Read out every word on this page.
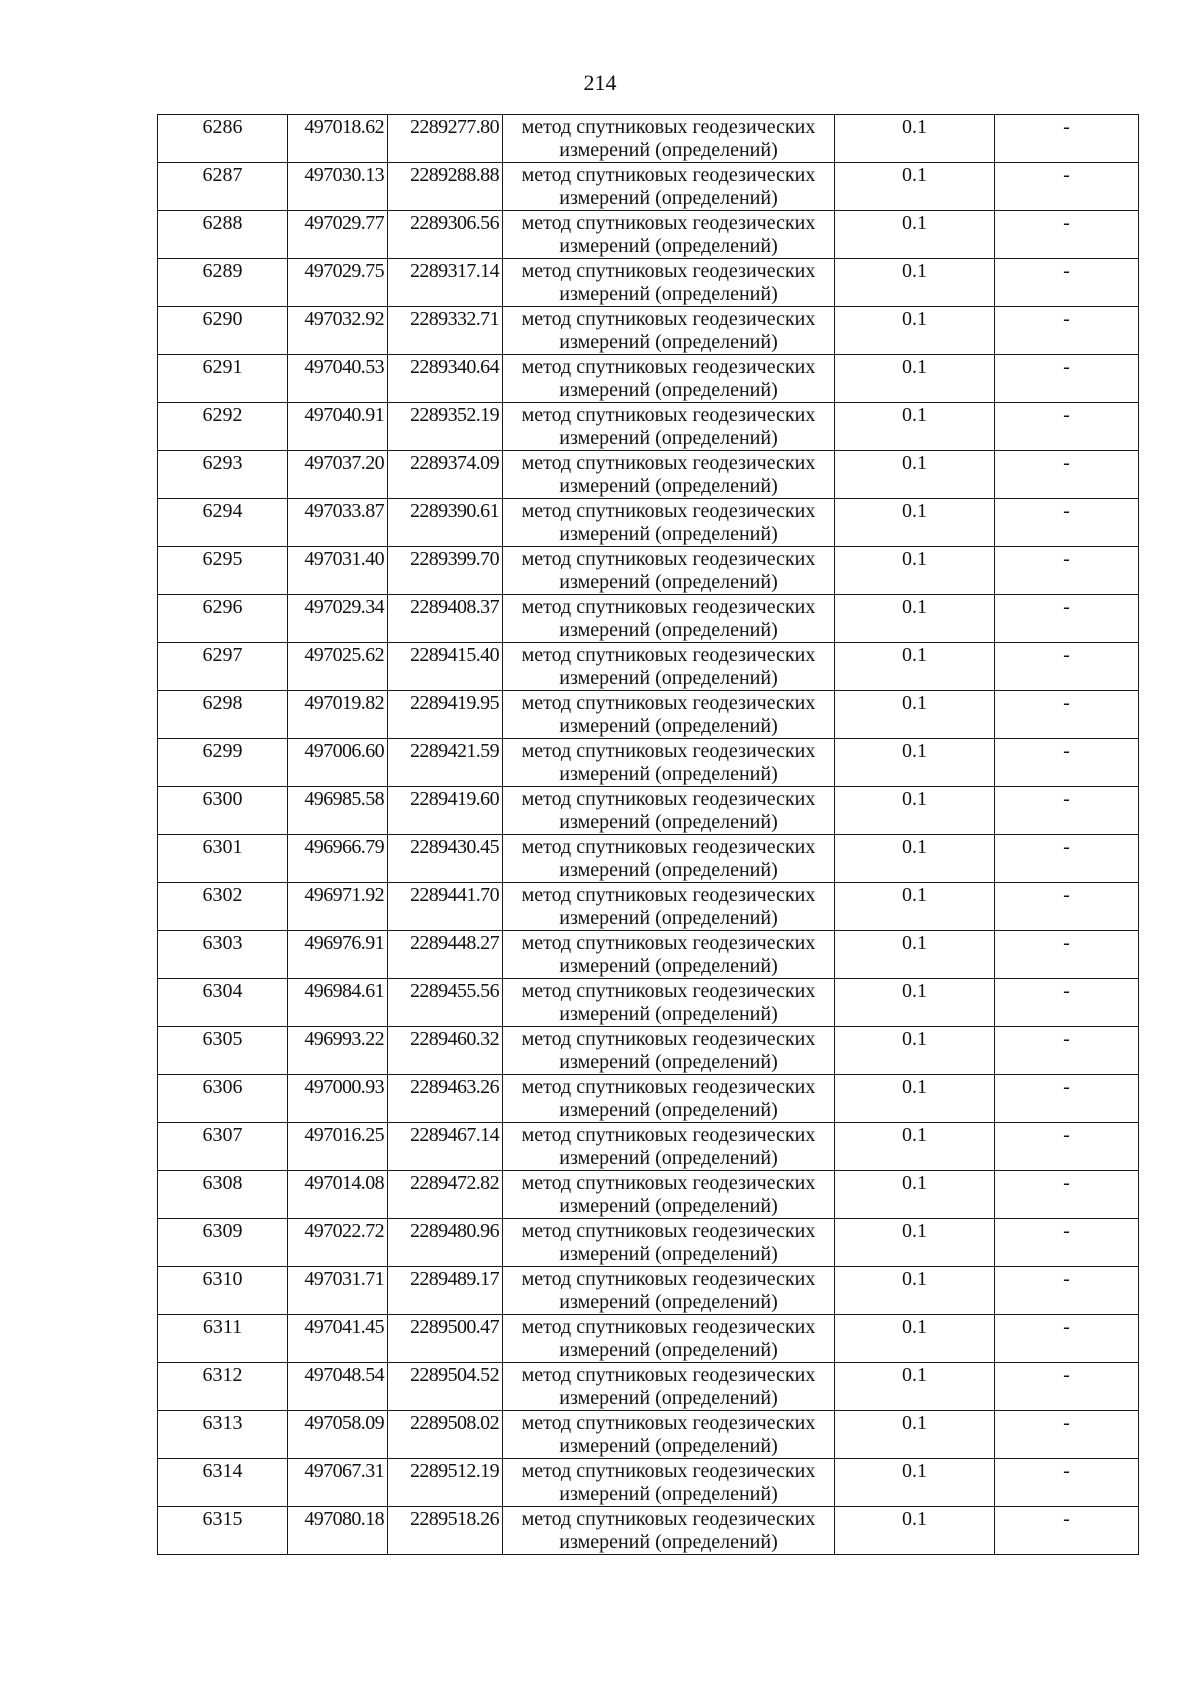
214
6286	497018.62	2289277.80	метод спутниковых геодезических измерений (определений)	0.1	-
6287	497030.13	2289288.88	метод спутниковых геодезических измерений (определений)	0.1	-
6288	497029.77	2289306.56	метод спутниковых геодезических измерений (определений)	0.1	-
6289	497029.75	2289317.14	метод спутниковых геодезических измерений (определений)	0.1	-
6290	497032.92	2289332.71	метод спутниковых геодезических измерений (определений)	0.1	-
6291	497040.53	2289340.64	метод спутниковых геодезических измерений (определений)	0.1	-
6292	497040.91	2289352.19	метод спутниковых геодезических измерений (определений)	0.1	-
6293	497037.20	2289374.09	метод спутниковых геодезических измерений (определений)	0.1	-
6294	497033.87	2289390.61	метод спутниковых геодезических измерений (определений)	0.1	-
6295	497031.40	2289399.70	метод спутниковых геодезических измерений (определений)	0.1	-
6296	497029.34	2289408.37	метод спутниковых геодезических измерений (определений)	0.1	-
6297	497025.62	2289415.40	метод спутниковых геодезических измерений (определений)	0.1	-
6298	497019.82	2289419.95	метод спутниковых геодезических измерений (определений)	0.1	-
6299	497006.60	2289421.59	метод спутниковых геодезических измерений (определений)	0.1	-
6300	496985.58	2289419.60	метод спутниковых геодезических измерений (определений)	0.1	-
6301	496966.79	2289430.45	метод спутниковых геодезических измерений (определений)	0.1	-
6302	496971.92	2289441.70	метод спутниковых геодезических измерений (определений)	0.1	-
6303	496976.91	2289448.27	метод спутниковых геодезических измерений (определений)	0.1	-
6304	496984.61	2289455.56	метод спутниковых геодезических измерений (определений)	0.1	-
6305	496993.22	2289460.32	метод спутниковых геодезических измерений (определений)	0.1	-
6306	497000.93	2289463.26	метод спутниковых геодезических измерений (определений)	0.1	-
6307	497016.25	2289467.14	метод спутниковых геодезических измерений (определений)	0.1	-
6308	497014.08	2289472.82	метод спутниковых геодезических измерений (определений)	0.1	-
6309	497022.72	2289480.96	метод спутниковых геодезических измерений (определений)	0.1	-
6310	497031.71	2289489.17	метод спутниковых геодезических измерений (определений)	0.1	-
6311	497041.45	2289500.47	метод спутниковых геодезических измерений (определений)	0.1	-
6312	497048.54	2289504.52	метод спутниковых геодезических измерений (определений)	0.1	-
6313	497058.09	2289508.02	метод спутниковых геодезических измерений (определений)	0.1	-
6314	497067.31	2289512.19	метод спутниковых геодезических измерений (определений)	0.1	-
6315	497080.18	2289518.26	метод спутниковых геодезических измерений (определений)	0.1	-
